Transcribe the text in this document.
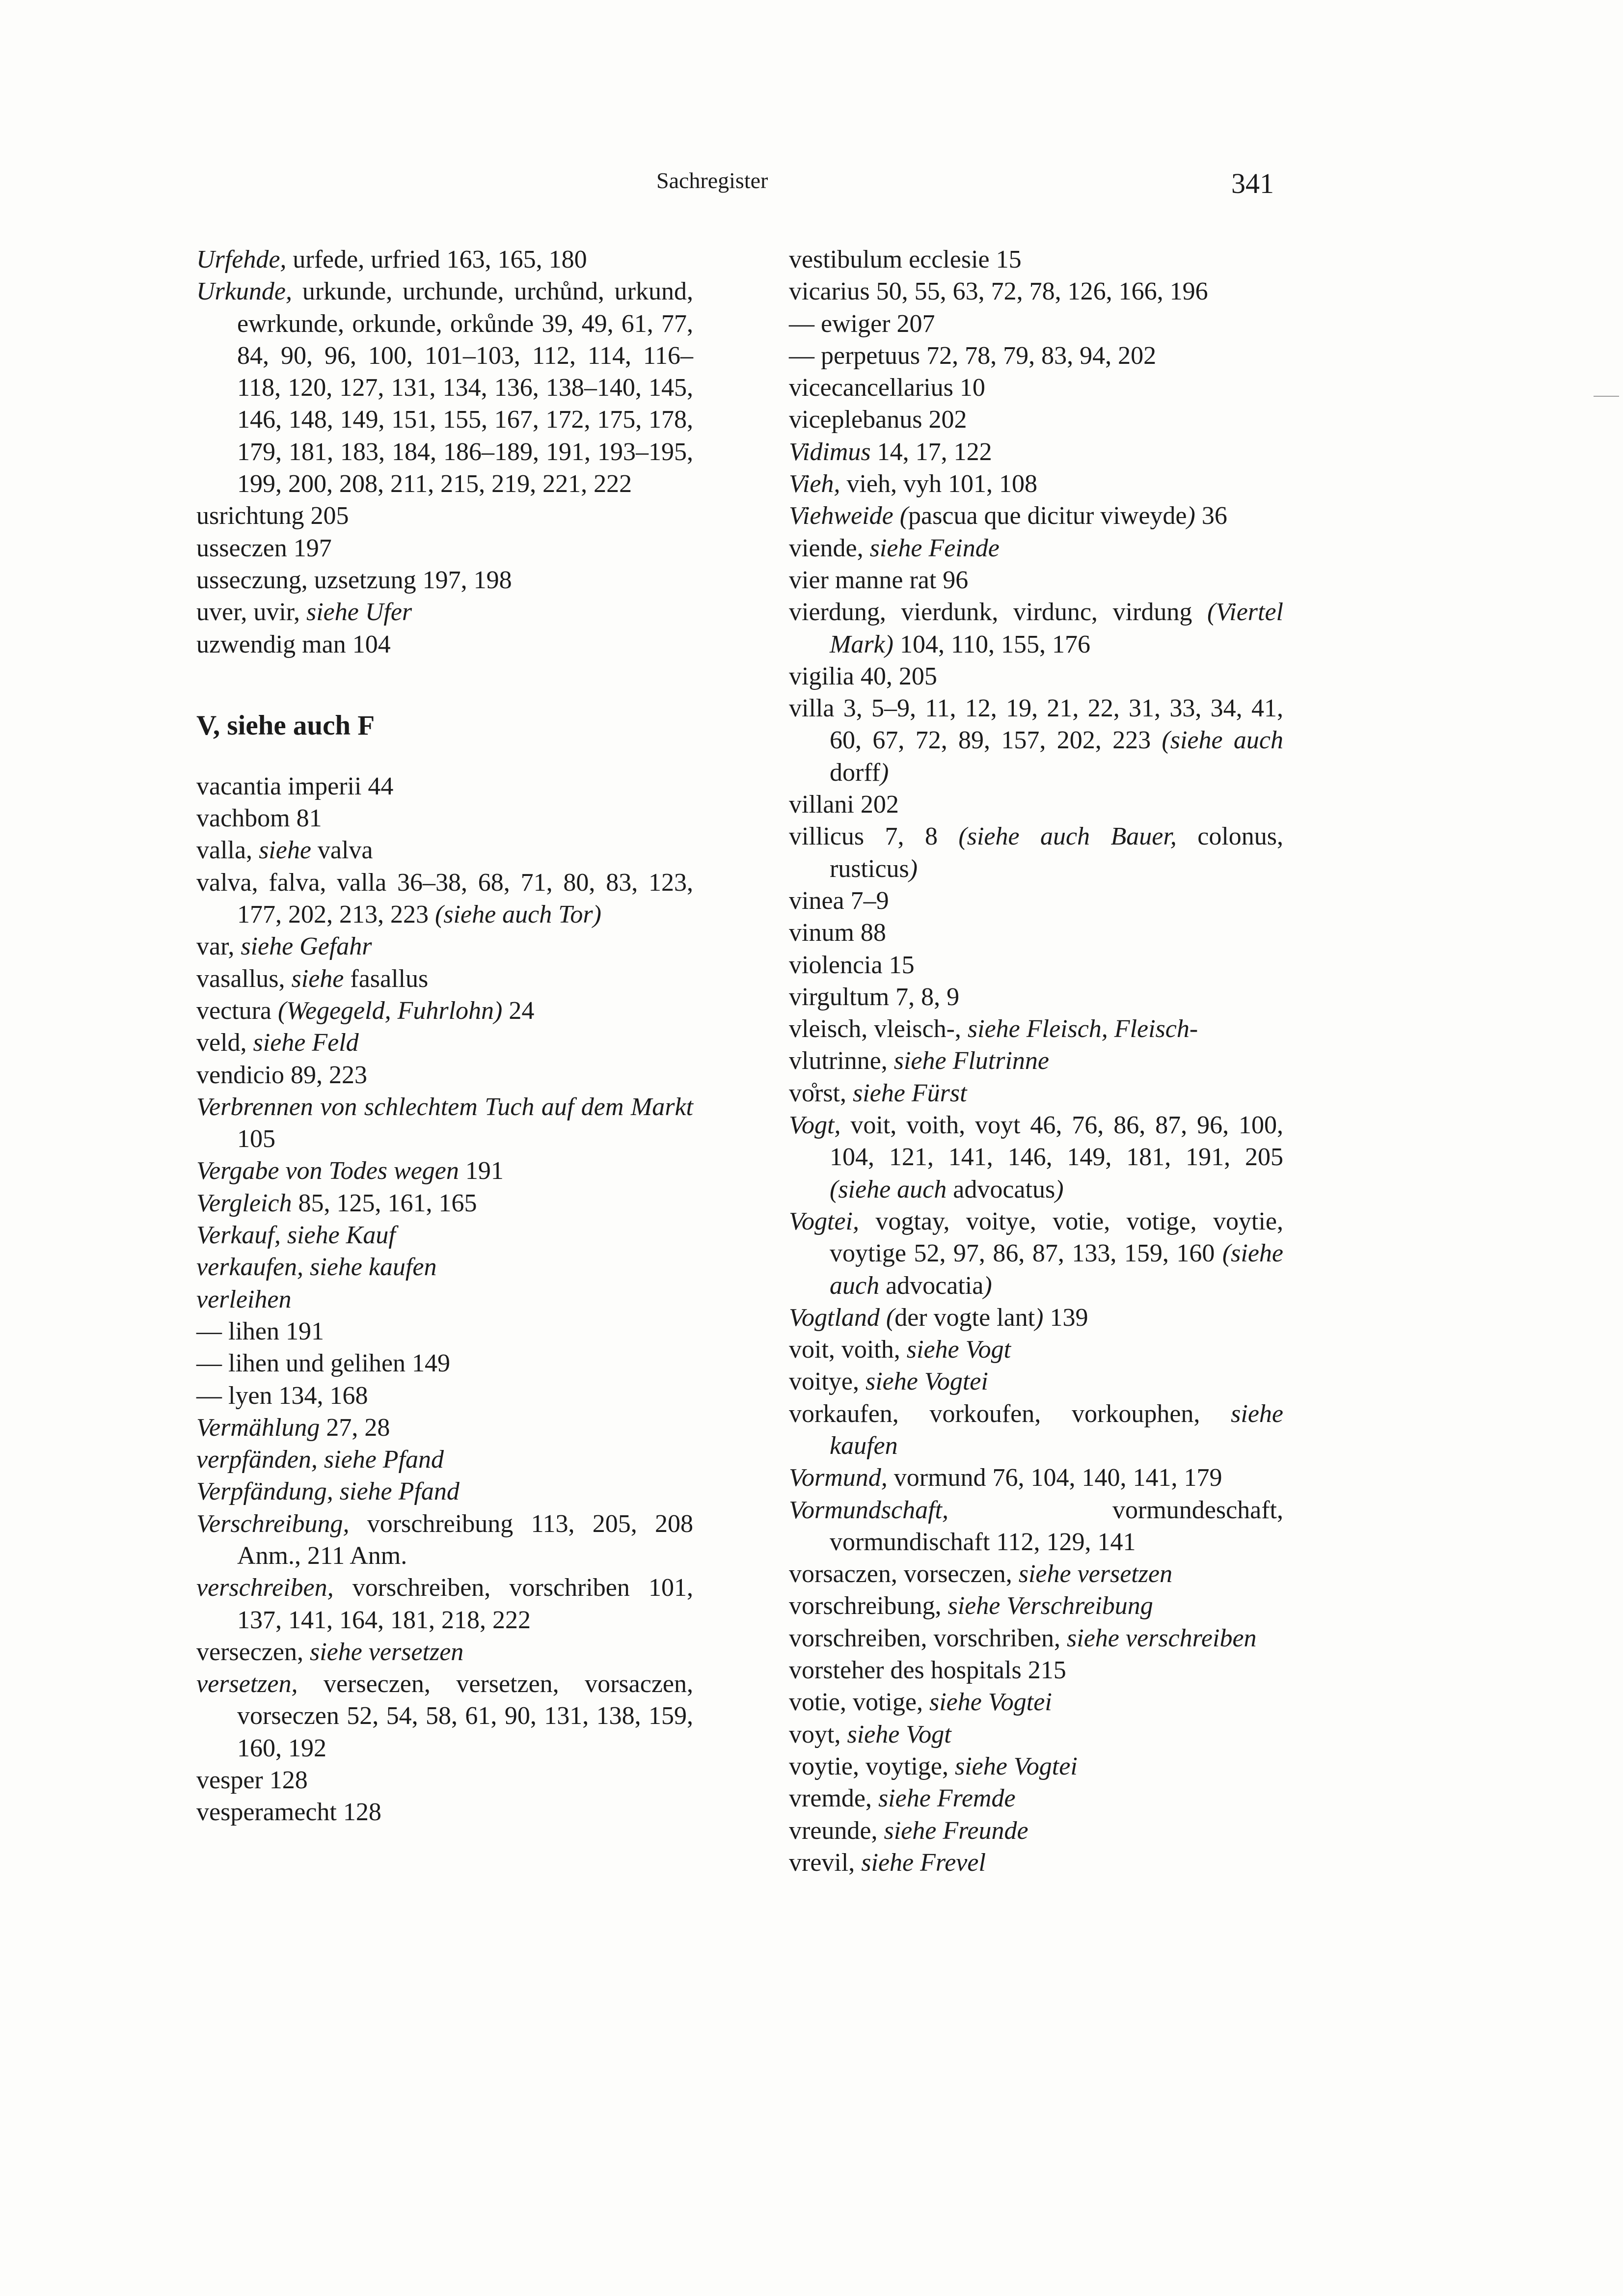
Sachregister	341

Urfehde, urfede, urfried 163, 165, 180

Urkunde, urkunde, urchunde, urchůnd, urkund, ewrkunde, orkunde, orkůnde 39, 49, 61, 77, 84, 90, 96, 100, 101–103, 112, 114, 116–118, 120, 127, 131, 134, 136, 138–140, 145, 146, 148, 149, 151, 155, 167, 172, 175, 178, 179, 181, 183, 184, 186–189, 191, 193–195, 199, 200, 208, 211, 215, 219, 221, 222

usrichtung 205

usseczen 197

usseczung, uzsetzung 197, 198

uver, uvir, siehe Ufer

uzwendig man 104

V, siehe auch F

vacantia imperii 44

vachbom 81

valla, siehe valva

valva, falva, valla 36–38, 68, 71, 80, 83, 123, 177, 202, 213, 223 (siehe auch Tor)

var, siehe Gefahr

vasallus, siehe fasallus

vectura (Wegegeld, Fuhrlohn) 24

veld, siehe Feld

vendicio 89, 223

Verbrennen von schlechtem Tuch auf dem Markt 105

Vergabe von Todes wegen 191

Vergleich 85, 125, 161, 165

Verkauf, siehe Kauf

verkaufen, siehe kaufen

verleihen

— lihen 191

— lihen und gelihen 149

— lyen 134, 168

Vermählung 27, 28

verpfänden, siehe Pfand

Verpfändung, siehe Pfand

Verschreibung, vorschreibung 113, 205, 208 Anm., 211 Anm.

verschreiben, vorschreiben, vorschriben 101, 137, 141, 164, 181, 218, 222

verseczen, siehe versetzen

versetzen, verseczen, versetzen, vorsaczen, vorseczen 52, 54, 58, 61, 90, 131, 138, 159, 160, 192

vesper 128

vesperamecht 128

vestibulum ecclesie 15

vicarius 50, 55, 63, 72, 78, 126, 166, 196

— ewiger 207

— perpetuus 72, 78, 79, 83, 94, 202

vicecancellarius 10

viceplebanus 202

Vidimus 14, 17, 122

Vieh, vieh, vyh 101, 108

Viehweide (pascua que dicitur viweyde) 36

viende, siehe Feinde

vier manne rat 96

vierdung, vierdunk, virdunc, virdung (Viertel Mark) 104, 110, 155, 176

vigilia 40, 205

villa 3, 5–9, 11, 12, 19, 21, 22, 31, 33, 34, 41, 60, 67, 72, 89, 157, 202, 223 (siehe auch dorff)

villani 202

villicus 7, 8 (siehe auch Bauer, colonus, rusticus)

vinea 7–9

vinum 88

violencia 15

virgultum 7, 8, 9

vleisch, vleisch-, siehe Fleisch, Fleisch-

vlutrinne, siehe Flutrinne

vo̊rst, siehe Fürst

Vogt, voit, voith, voyt 46, 76, 86, 87, 96, 100, 104, 121, 141, 146, 149, 181, 191, 205 (siehe auch advocatus)

Vogtei, vogtay, voitye, votie, votige, voytie, voytige 52, 97, 86, 87, 133, 159, 160 (siehe auch advocatia)

Vogtland (der vogte lant) 139

voit, voith, siehe Vogt

voitye, siehe Vogtei

vorkaufen, vorkoufen, vorkouphen, siehe kaufen

Vormund, vormund 76, 104, 140, 141, 179

Vormundschaft, vormundeschaft, vormundischaft 112, 129, 141

vorsaczen, vorseczen, siehe versetzen

vorschreibung, siehe Verschreibung

vorschreiben, vorschriben, siehe verschreiben

vorsteher des hospitals 215

votie, votige, siehe Vogtei

voyt, siehe Vogt

voytie, voytige, siehe Vogtei

vremde, siehe Fremde

vreunde, siehe Freunde

vrevil, siehe Frevel
